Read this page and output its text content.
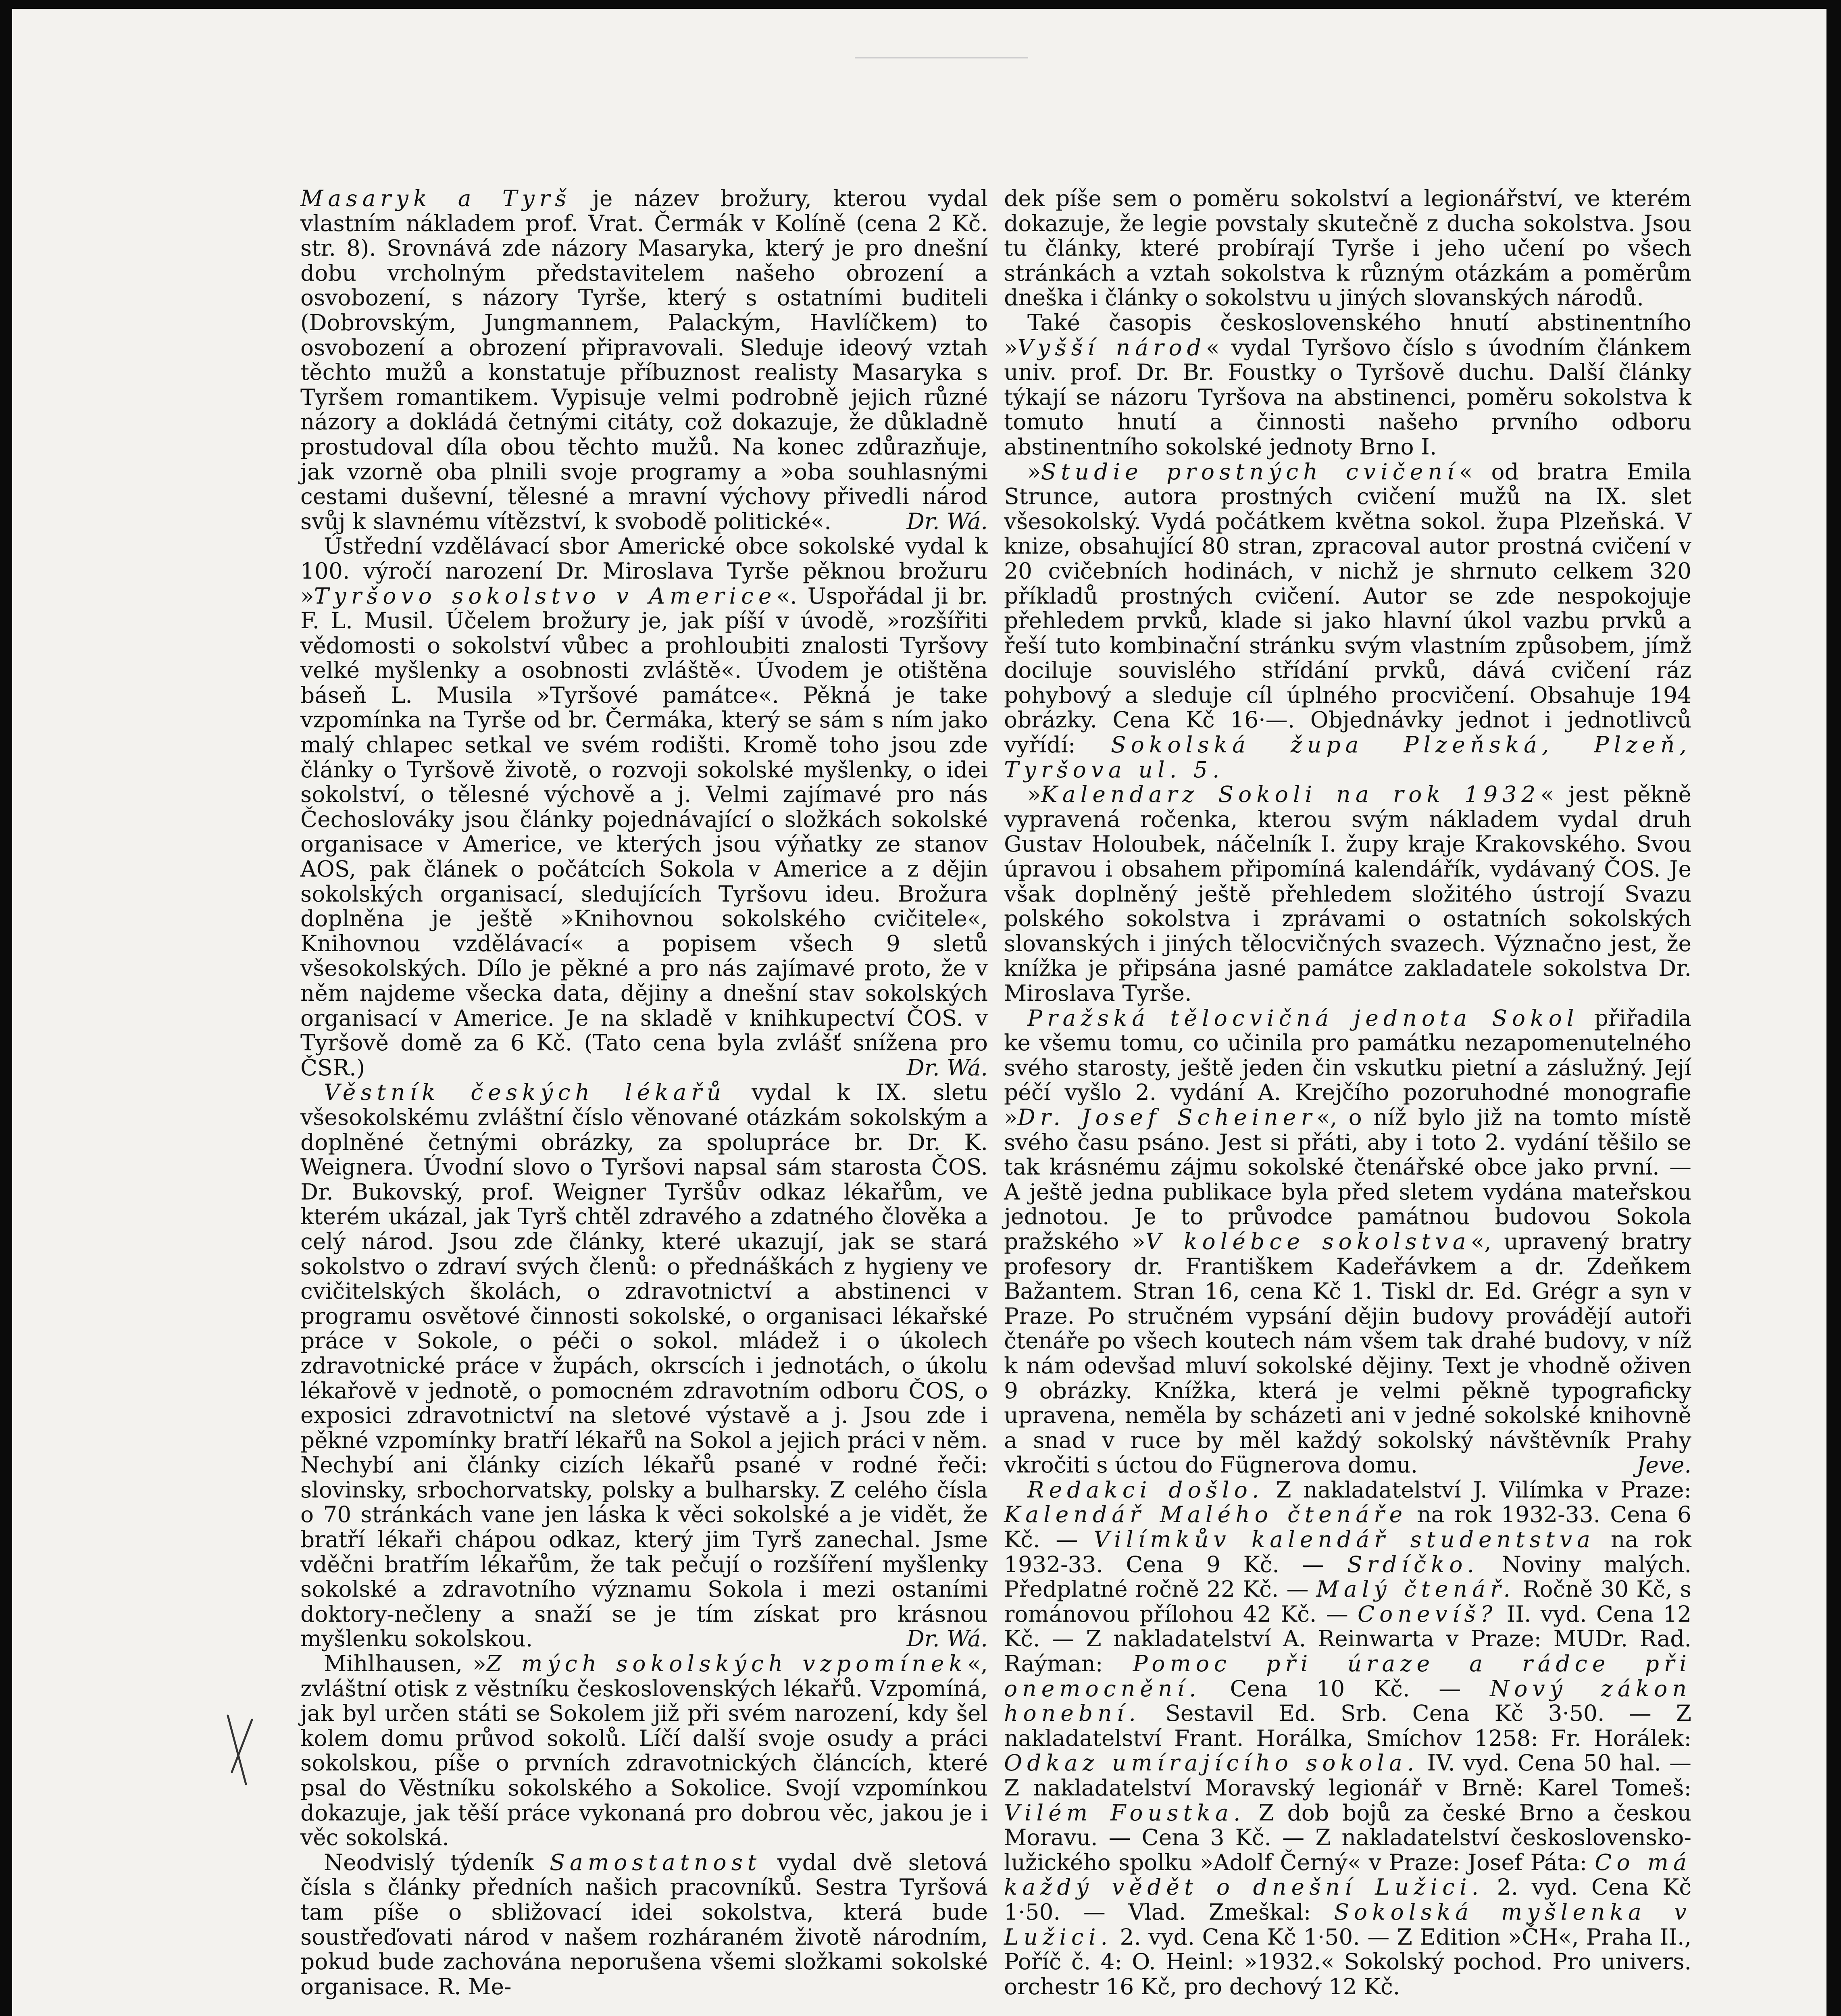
Masaryk a Tyrš je název brožury, kterou vydal vlastním nákladem prof. Vrat. Čermák v Kolíně (cena 2 Kč. str. 8). Srovnává zde názory Masaryka, který je pro dnešní dobu vrcholným představitelem našeho obrození a osvobození, s názory Tyrše, který s ostatními buditeli (Dobrovským, Jungmannem, Palackým, Havlíčkem) to osvobození a obrození připravovali. Sleduje ideový vztah těchto mužů a konstatuje příbuznost realisty Masaryka s Tyršem romantikem. Vypisuje velmi podrobně jejich různé názory a dokládá četnými citáty, což dokazuje, že důkladně prostudoval díla obou těchto mužů. Na konec zdůrazňuje, jak vzorně oba plnili svoje programy a »oba souhlasnými cestami duševní, tělesné a mravní výchovy přivedli národ svůj k slavnému vítězství, k svobodě politické«.	Dr. Wá.

Ústřední vzdělávací sbor Americké obce sokolské vydal k 100. výročí narození Dr. Miroslava Tyrše pěknou brožuru »Tyršovo sokolstvo v Americe«. Uspořádal ji br. F. L. Musil. Účelem brožury je, jak píší v úvodě, »rozšířiti vědomosti o sokolství vůbec a prohloubiti znalosti Tyršovy velké myšlenky a osobnosti zvláště«. Úvodem je otištěna báseň L. Musila »Tyršové památce«. Pěkná je take vzpomínka na Tyrše od br. Čermáka, který se sám s ním jako malý chlapec setkal ve svém rodišti. Kromě toho jsou zde články o Tyršově životě, o rozvoji sokolské myšlenky, o idei sokolství, o tělesné výchově a j. Velmi zajímavé pro nás Čechoslováky jsou články pojednávající o složkách sokolské organisace v Americe, ve kterých jsou výňatky ze stanov AOS, pak článek o počátcích Sokola v Americe a z dějin sokolských organisací, sledujících Tyršovu ideu. Brožura doplněna je ještě »Knihovnou sokolského cvičitele«, Knihovnou vzdělávací« a popisem všech 9 sletů všesokolských. Dílo je pěkné a pro nás zajímavé proto, že v něm najdeme všecka data, dějiny a dnešní stav sokolských organisací v Americe. Je na skladě v knihkupectví ČOS. v Tyršově domě za 6 Kč. (Tato cena byla zvlášť snížena pro ČSR.)	Dr. Wá.

Věstník českých lékařů vydal k IX. sletu všesokolskému zvláštní číslo věnované otázkám sokolským a doplněné četnými obrázky, za spolupráce br. Dr. K. Weignera. Úvodní slovo o Tyršovi napsal sám starosta ČOS. Dr. Bukovský, prof. Weigner Tyršův odkaz lékařům, ve kterém ukázal, jak Tyrš chtěl zdravého a zdatného člověka a celý národ. Jsou zde články, které ukazují, jak se stará sokolstvo o zdraví svých členů: o přednáškách z hygieny ve cvičitelských školách, o zdravotnictví a abstinenci v programu osvětové činnosti sokolské, o organisaci lékařské práce v Sokole, o péči o sokol. mládež i o úkolech zdravotnické práce v župách, okrscích i jednotách, o úkolu lékařově v jednotě, o pomocném zdravotním odboru ČOS, o exposici zdravotnictví na sletové výstavě a j. Jsou zde i pěkné vzpomínky bratří lékařů na Sokol a jejich práci v něm. Nechybí ani články cizích lékařů psané v rodné řeči: slovinsky, srbochorvatsky, polsky a bulharsky. Z celého čísla o 70 stránkách vane jen láska k věci sokolské a je vidět, že bratří lékaři chápou odkaz, který jim Tyrš zanechal. Jsme vděčni bratřím lékařům, že tak pečují o rozšíření myšlenky sokolské a zdravotního významu Sokola i mezi ostaními doktory-nečleny a snaží se je tím získat pro krásnou myšlenku sokolskou.	Dr. Wá.

Mihlhausen, »Z mých sokolských vzpomínek«, zvláštní otisk z věstníku československých lékařů. Vzpomíná, jak byl určen státi se Sokolem již při svém narození, kdy šel kolem domu průvod sokolů. Líčí další svoje osudy a práci sokolskou, píše o prvních zdravotnických článcích, které psal do Věstníku sokolského a Sokolice. Svojí vzpomínkou dokazuje, jak těší práce vykonaná pro dobrou věc, jakou je i věc sokolská.

Neodvislý týdeník Samostatnost vydal dvě sletová čísla s články předních našich pracovníků. Sestra Tyršová tam píše o sbližovací idei sokolstva, která bude soustřeďovati národ v našem rozháraném životě národním, pokud bude zachována neporušena všemi složkami sokolské organisace. R. Me-

dek píše sem o poměru sokolství a legionářství, ve kterém dokazuje, že legie povstaly skutečně z ducha sokolstva. Jsou tu články, které probírají Tyrše i jeho učení po všech stránkách a vztah sokolstva k různým otázkám a poměrům dneška i články o sokolstvu u jiných slovanských národů.

Také časopis československého hnutí abstinentního »Vyšší národ« vydal Tyršovo číslo s úvodním článkem univ. prof. Dr. Br. Foustky o Tyršově duchu. Další články týkají se názoru Tyršova na abstinenci, poměru sokolstva k tomuto hnutí a činnosti našeho prvního odboru abstinentního sokolské jednoty Brno I.

»Studie prostných cvičení« od bratra Emila Strunce, autora prostných cvičení mužů na IX. slet všesokolský. Vydá počátkem května sokol. župa Plzeňská. V knize, obsahující 80 stran, zpracoval autor prostná cvičení v 20 cvičebních hodinách, v nichž je shrnuto celkem 320 příkladů prostných cvičení. Autor se zde nespokojuje přehledem prvků, klade si jako hlavní úkol vazbu prvků a řeší tuto kombinační stránku svým vlastním způsobem, jímž dociluje souvislého střídání prvků, dává cvičení ráz pohybový a sleduje cíl úplného procvičení. Obsahuje 194 obrázky. Cena Kč 16·—. Objednávky jednot i jednotlivců vyřídí: Sokolská župa Plzeňská, Plzeň, Tyršova ul. 5.

»Kalendarz Sokoli na rok 1932« jest pěkně vypravená ročenka, kterou svým nákladem vydal druh Gustav Holoubek, náčelník I. župy kraje Krakovského. Svou úpravou i obsahem připomíná kalendářík, vydávaný ČOS. Je však doplněný ještě přehledem složitého ústrojí Svazu polského sokolstva i zprávami o ostatních sokolských slovanských i jiných tělocvičných svazech. Význačno jest, že knížka je připsána jasné památce zakladatele sokolstva Dr. Miroslava Tyrše.

Pražská tělocvičná jednota Sokol přiřadila ke všemu tomu, co učinila pro památku nezapomenutelného svého starosty, ještě jeden čin vskutku pietní a záslužný. Její péčí vyšlo 2. vydání A. Krejčího pozoruhodné monografie »Dr. Josef Scheiner«, o níž bylo již na tomto místě svého času psáno. Jest si přáti, aby i toto 2. vydání těšilo se tak krásnému zájmu sokolské čtenářské obce jako první. — A ještě jedna publikace byla před sletem vydána mateřskou jednotou. Je to průvodce památnou budovou Sokola pražského »V kolébce sokolstva«, upravený bratry profesory dr. Františkem Kadeřávkem a dr. Zdeňkem Bažantem. Stran 16, cena Kč 1. Tiskl dr. Ed. Grégr a syn v Praze. Po stručném vypsání dějin budovy provádějí autoři čtenáře po všech koutech nám všem tak drahé budovy, v níž k nám odevšad mluví sokolské dějiny. Text je vhodně oživen 9 obrázky. Knížka, která je velmi pěkně typograficky upravena, neměla by scházeti ani v jedné sokolské knihovně a snad v ruce by měl každý sokolský návštěvník Prahy vkročiti s úctou do Fügnerova domu.	Jeve.

Redakci došlo. Z nakladatelství J. Vilímka v Praze: Kalendář Malého čtenáře na rok 1932-33. Cena 6 Kč. — Vilímkův kalendář studentstva na rok 1932-33. Cena 9 Kč. — Srdíčko. Noviny malých. Předplatné ročně 22 Kč. — Malý čtenář. Ročně 30 Kč, s románovou přílohou 42 Kč. — Conevíš? II. vyd. Cena 12 Kč. — Z nakladatelství A. Reinwarta v Praze: MUDr. Rad. Raýman: Pomoc při úraze a rádce při onemocnění. Cena 10 Kč. — Nový zákon honební. Sestavil Ed. Srb. Cena Kč 3·50. — Z nakladatelství Frant. Horálka, Smíchov 1258: Fr. Horálek: Odkaz umírajícího sokola. IV. vyd. Cena 50 hal. — Z nakladatelství Moravský legionář v Brně: Karel Tomeš: Vilém Foustka. Z dob bojů za české Brno a českou Moravu. — Cena 3 Kč. — Z nakladatelství československo-lužického spolku »Adolf Černý« v Praze: Josef Páta: Co má každý vědět o dnešní Lužici. 2. vyd. Cena Kč 1·50. — Vlad. Zmeškal: Sokolská myšlenka v Lužici. 2. vyd. Cena Kč 1·50. — Z Edition »ČH«, Praha II., Poříč č. 4: O. Heinl: »1932.« Sokolský pochod. Pro univers. orchestr 16 Kč, pro dechový 12 Kč.
